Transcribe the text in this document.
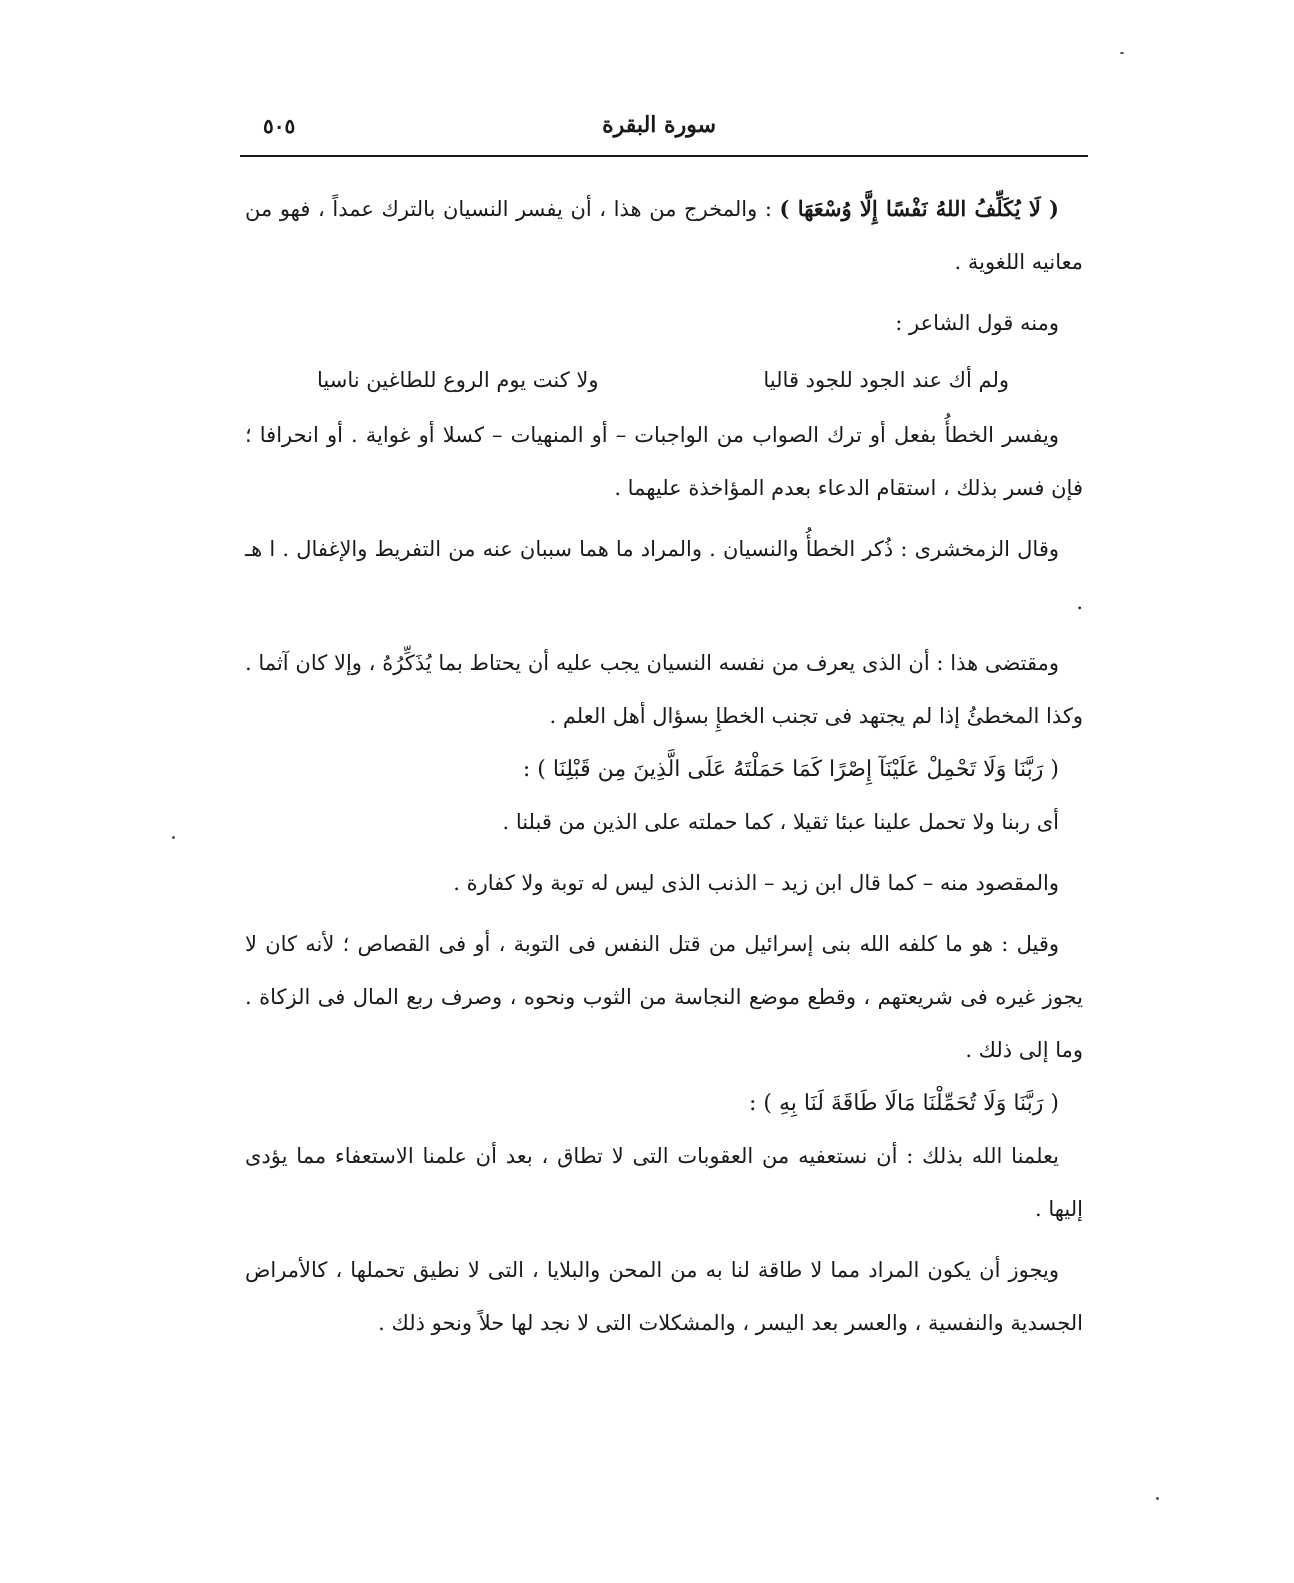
سورة البقرة
٥٠٥

( لَا يُكَلِّفُ اللهُ نَفْسًا إِلَّا وُسْعَهَا ) : والمخرج من هذا ، أن يفسر النسيان بالترك عمداً ، فهو من معانيه اللغوية .

ومنه قول الشاعر :

ولم أك عند الجود للجود قاليا
ولا كنت يوم الروع للطاغين ناسيا

ويفسر الخطأُ بفعل أو ترك الصواب من الواجبات – أو المنهيات – كسلا أو غواية . أو انحرافا ؛ فإن فسر بذلك ، استقام الدعاء بعدم المؤاخذة عليهما .

وقال الزمخشرى : ذُكر الخطأُ والنسيان . والمراد ما هما سببان عنه من التفريط والإغفال . ا هـ .

ومقتضى هذا : أن الذى يعرف من نفسه النسيان يجب عليه أن يحتاط بما يُذَكِّرُهُ ، وإلا كان آثما . وكذا المخطئُ إذا لم يجتهد فى تجنب الخطإِ بسؤال أهل العلم .

( رَبَّنَا وَلَا تَحْمِلْ عَلَيْنَآ إِصْرًا كَمَا حَمَلْتَهُ عَلَى الَّذِينَ مِن قَبْلِنَا ) :

أى ربنا ولا تحمل علينا عبئا ثقيلا ، كما حملته على الذين من قبلنا .

والمقصود منه – كما قال ابن زيد – الذنب الذى ليس له توبة ولا كفارة .

وقيل : هو ما كلفه الله بنى إسرائيل من قتل النفس فى التوبة ، أو فى القصاص ؛ لأنه كان لا يجوز غيره فى شريعتهم ، وقطع موضع النجاسة من الثوب ونحوه ، وصرف ربع المال فى الزكاة . وما إلى ذلك .

( رَبَّنَا وَلَا تُحَمِّلْنَا مَالَا طَاقَةَ لَنَا بِهِ ) :

يعلمنا الله بذلك : أن نستعفيه من العقوبات التى لا تطاق ، بعد أن علمنا الاستعفاء مما يؤدى إليها .

ويجوز أن يكون المراد مما لا طاقة لنا به من المحن والبلايا ، التى لا نطيق تحملها ، كالأمراض الجسدية والنفسية ، والعسر بعد اليسر ، والمشكلات التى لا نجد لها حلاً ونحو ذلك .
